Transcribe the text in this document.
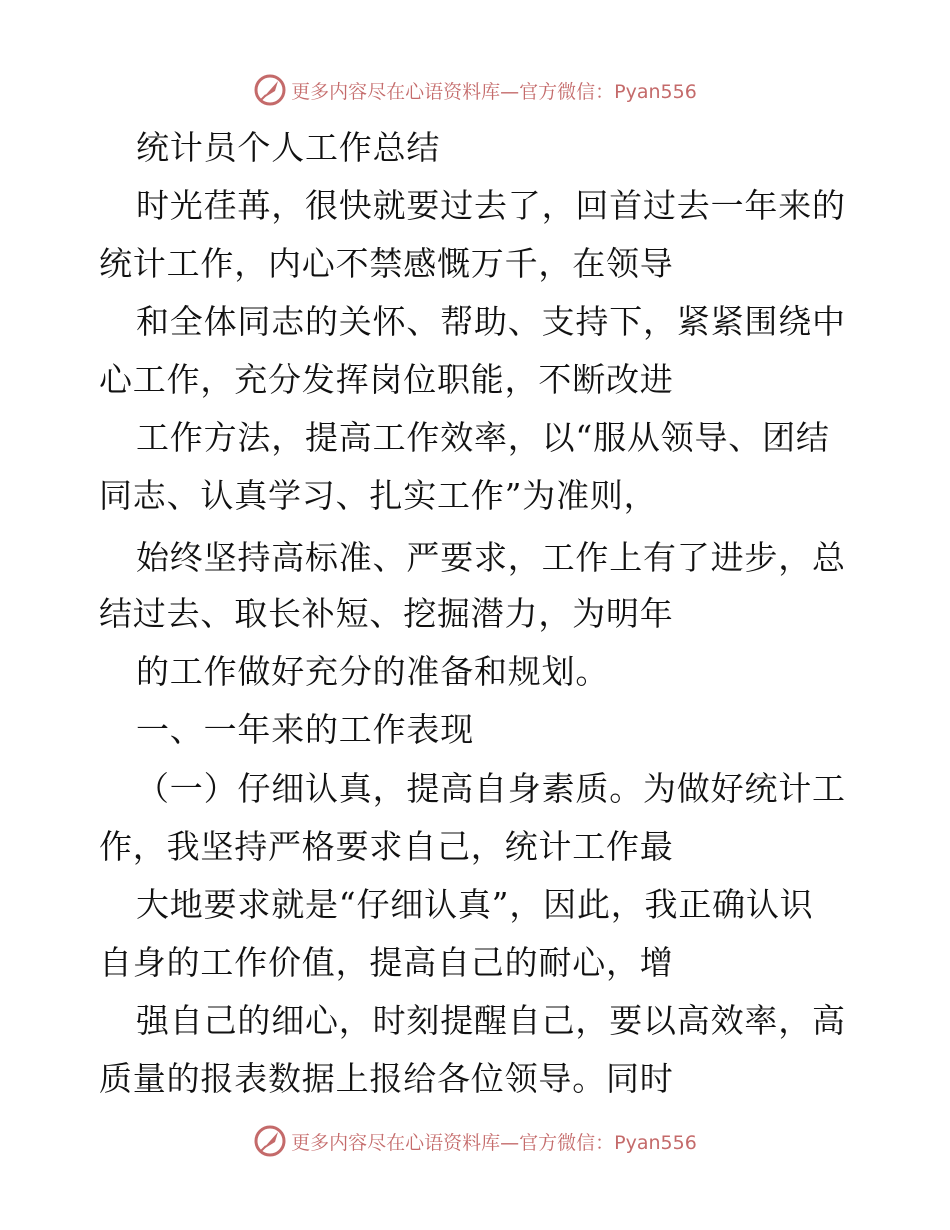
更多内容尽在心语资料库—官方微信：Pyan556
统计员个人工作总结
时光荏苒，很快就要过去了，回首过去一年来的
统计工作，内心不禁感慨万千，在领导
和全体同志的关怀、帮助、支持下，紧紧围绕中
心工作，充分发挥岗位职能，不断改进
工作方法，提高工作效率，以“服从领导、团结
同志、认真学习、扎实工作”为准则，
始终坚持高标准、严要求，工作上有了进步，总
结过去、取长补短、挖掘潜力，为明年
的工作做好充分的准备和规划。
一、一年来的工作表现
（一）仔细认真，提高自身素质。为做好统计工
作，我坚持严格要求自己，统计工作最
大地要求就是“仔细认真”，因此，我正确认识
自身的工作价值，提高自己的耐心，增
强自己的细心，时刻提醒自己，要以高效率，高
质量的报表数据上报给各位领导。同时
更多内容尽在心语资料库—官方微信：Pyan556
